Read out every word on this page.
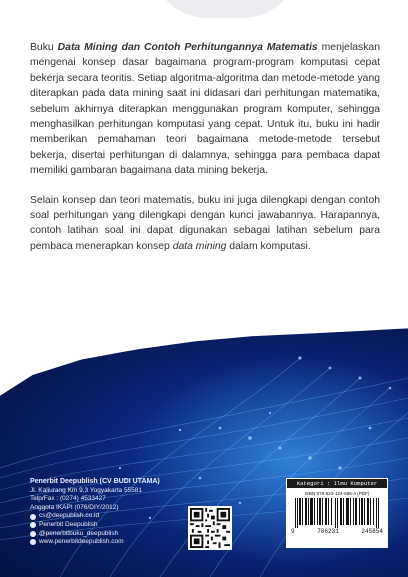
Buku Data Mining dan Contoh Perhitungannya Matematis menjelaskan mengenai konsep dasar bagaimana program-program komputasi cepat bekerja secara teoritis. Setiap algoritma-algoritma dan metode-metode yang diterapkan pada data mining saat ini didasari dari perhitungan matematika, sebelum akhirnya diterapkan menggunakan program komputer, sehingga menghasilkan perhitungan komputasi yang cepat. Untuk itu, buku ini hadir memberikan pemahaman teori bagaimana metode-metode tersebut bekerja, disertai perhitungan di dalamnya, sehingga para pembaca dapat memiliki gambaran bagaimana data mining bekerja.

Selain konsep dan teori matematis, buku ini juga dilengkapi dengan contoh soal perhitungan yang dilengkapi dengan kunci jawabannya. Harapannya, contoh latihan soal ini dapat digunakan sebagai latihan sebelum para pembaca menerapkan konsep data mining dalam komputasi.

Penerbit Deepublish (CV BUDI UTAMA)
Jl. Kaliurang Km 9,3 Yogyakarta 55581
Telp/Fax : (0274) 4533427
Anggota IKAPI (076/DIY/2012)
cs@deepublish.co.id
Penerbit Deepublish
@penerbitbuku_deepublish
www.penerbitdeepublish.com
Kategori : Ilmu Komputer
ISBN 978-623-124-585-4 (PDF)
9	786231	245854
